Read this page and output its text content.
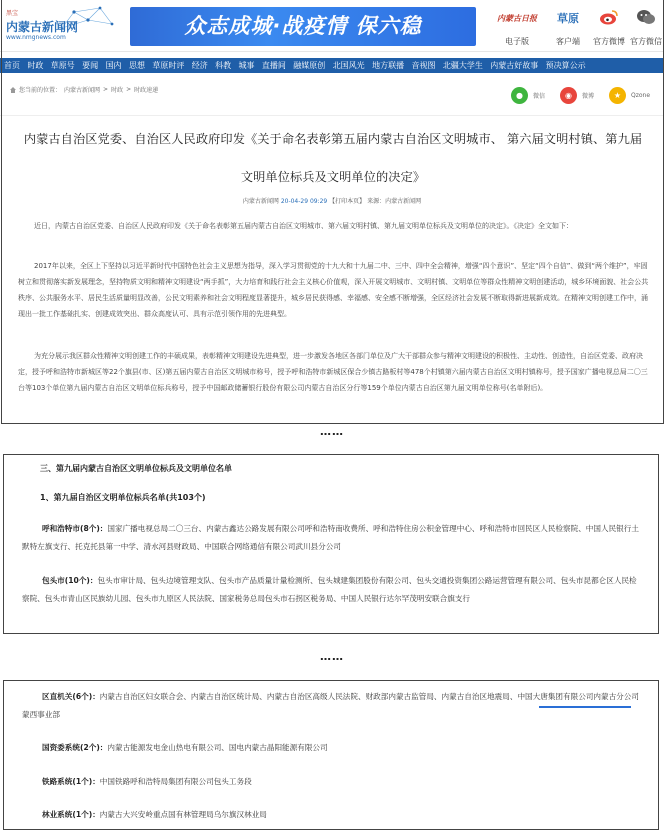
黑宝
内蒙古新闻网
www.nmgnews.com	众志成城·战疫情 保六稳	内蒙古日报
电子版
草原
客户端	官方微博 官方微信
首页 时政 草原号 要闻 国内 思想 草原时评 经济 科教 城事 直播间 融媒原创 北国风光 地方联播 音视图 北疆大学生 内蒙古好故事 预决算公示
您当前的位置： 内蒙古新闻网 > 时政 > 时政速递
●	微信	◉	微博	★	Qzone
内蒙古自治区党委、自治区人民政府印发《关于命名表彰第五届内蒙古自治区文明城市、 第六届文明村镇、第九届
文明单位标兵及文明单位的决定》
内蒙古新闻网 20-04-29 09:29 【打印本页】 来源：内蒙古新闻网
近日，内蒙古自治区党委、自治区人民政府印发《关于命名表彰第五届内蒙古自治区文明城市、第六届文明村镇、第九届文明单位标兵及文明单位的决定》。《决定》全文如下：
2017年以来，全区上下坚持以习近平新时代中国特色社会主义思想为指导，深入学习贯彻党的十九大和十九届二中、三中、四中全会精神，增强“四个意识”、坚定“四个自信”、做到“两个维护”，牢固树立和贯彻落实新发展理念，坚持物质文明和精神文明建设“两手抓”，大力培育和践行社会主义核心价值观，深入开展文明城市、文明村镇、文明单位等群众性精神文明创建活动，城乡环境面貌、社会公共秩序、公共服务水平、居民生活质量明显改善，公民文明素养和社会文明程度显著提升，城乡居民获得感、幸福感、安全感不断增强，全区经济社会发展不断取得新进展新成效。在精神文明创建工作中，涌现出一批工作基础扎实、创建成效突出、群众高度认可、具有示范引领作用的先进典型。
为充分展示我区群众性精神文明创建工作的丰硕成果，表彰精神文明建设先进典型，进一步激发各地区各部门单位及广大干部群众参与精神文明建设的积极性、主动性、创造性，自治区党委、政府决定，授予呼和浩特市新城区等22个旗县(市、区)第五届内蒙古自治区文明城市称号，授予呼和浩特市新城区保合少镇古路板村等478个村镇第六届内蒙古自治区文明村镇称号，授予国家广播电视总局二〇三台等103个单位第九届内蒙古自治区文明单位标兵称号，授予中国邮政储蓄银行股份有限公司内蒙古自治区分行等159个单位内蒙古自治区第九届文明单位称号(名单附后)。
……
三、第九届内蒙古自治区文明单位标兵及文明单位名单
1、第九届自治区文明单位标兵名单(共103个)
呼和浩特市(8个)：国家广播电视总局二〇三台、内蒙古鑫达公路发展有限公司呼和浩特南收费所、呼和浩特住房公积金管理中心、呼和浩特市回民区人民检察院、中国人民银行土默特左旗支行、托克托县第一中学、清水河县财政局、中国联合网络通信有限公司武川县分公司
包头市(10个)：包头市审计局、包头边境管理支队、包头市产品质量计量检测所、包头城建集团股份有限公司、包头交通投资集团公路运营管理有限公司、包头市昆都仑区人民检察院、包头市青山区民族幼儿园、包头市九原区人民法院、国家税务总局包头市石拐区税务局、中国人民银行达尔罕茂明安联合旗支行
……
区直机关(6个)：内蒙古自治区妇女联合会、内蒙古自治区统计局、内蒙古自治区高级人民法院、财政部内蒙古监管局、内蒙古自治区地震局、中国大唐集团有限公司内蒙古分公司蒙西事业部
国资委系统(2个)：内蒙古能源发电金山热电有限公司、国电内蒙古晶阳能源有限公司
铁路系统(1个)：中国铁路呼和浩特局集团有限公司包头工务段
林业系统(1个)：内蒙古大兴安岭重点国有林管理局乌尔旗汉林业局
